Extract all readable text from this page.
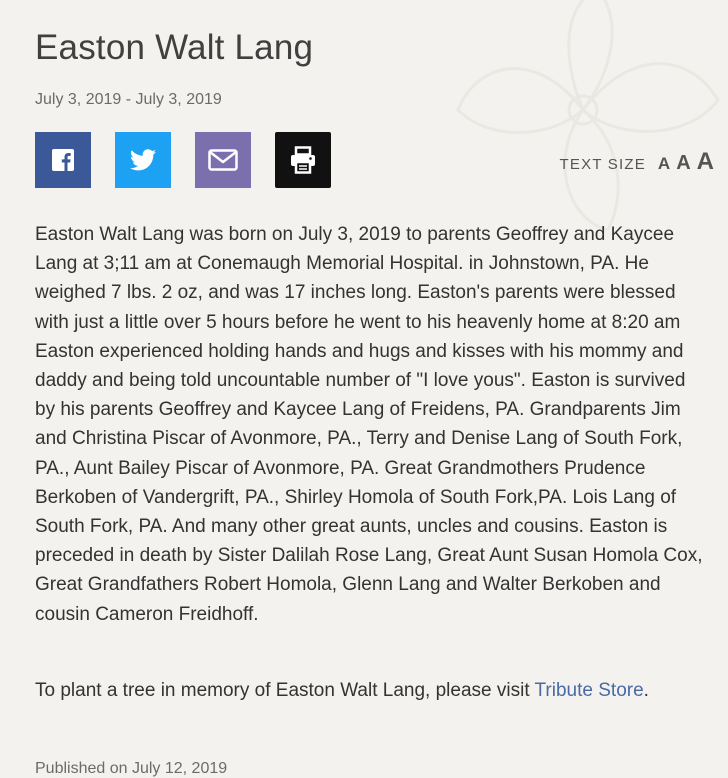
Easton Walt Lang
July 3, 2019 - July 3, 2019
TEXT SIZE A A A

Easton Walt Lang was born on July 3, 2019 to parents Geoffrey and Kaycee Lang at 3;11 am at Conemaugh Memorial Hospital. in Johnstown, PA. He weighed 7 lbs. 2 oz, and was 17 inches long. Easton's parents were blessed with just a little over 5 hours before he went to his heavenly home at 8:20 am Easton experienced holding hands and hugs and kisses with his mommy and daddy and being told uncountable number of "I love yous". Easton is survived by his parents Geoffrey and Kaycee Lang of Freidens, PA. Grandparents Jim and Christina Piscar of Avonmore, PA., Terry and Denise Lang of South Fork, PA., Aunt Bailey Piscar of Avonmore, PA. Great Grandmothers Prudence Berkoben of Vandergrift, PA., Shirley Homola of South Fork,PA. Lois Lang of South Fork, PA. And many other great aunts, uncles and cousins. Easton is preceded in death by Sister Dalilah Rose Lang, Great Aunt Susan Homola Cox, Great Grandfathers Robert Homola, Glenn Lang and Walter Berkoben and cousin Cameron Freidhoff.

To plant a tree in memory of Easton Walt Lang, please visit Tribute Store.

Published on July 12, 2019
